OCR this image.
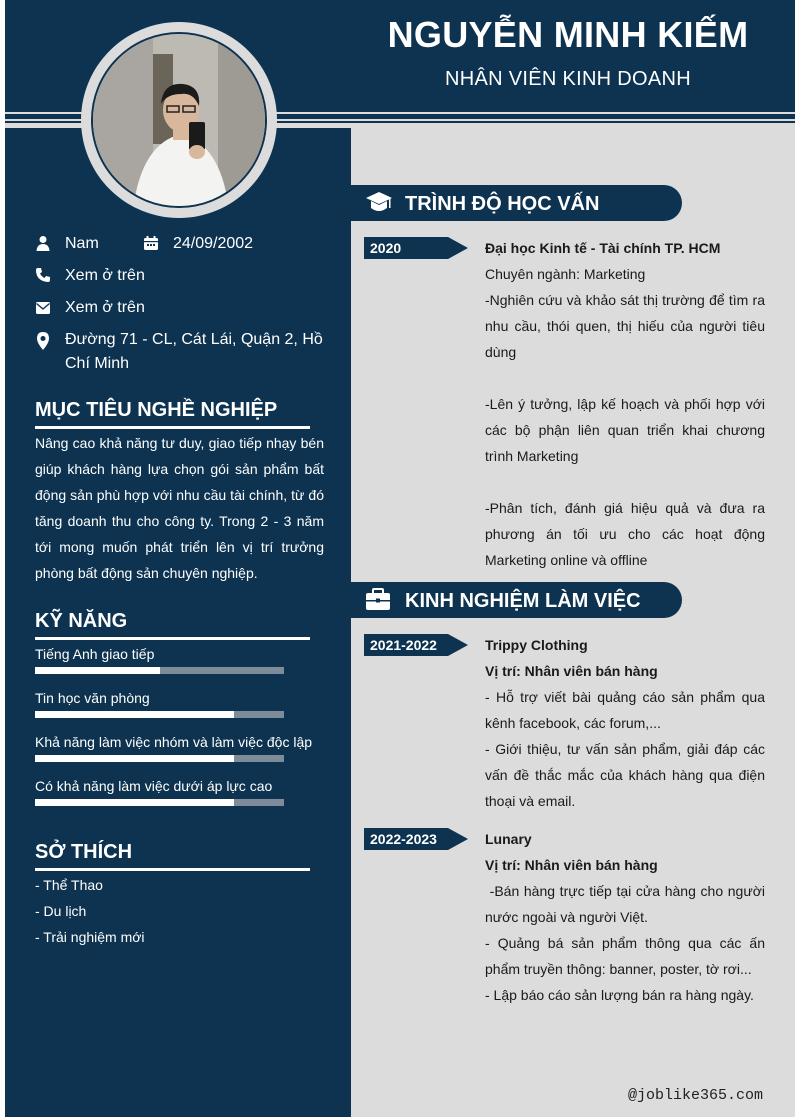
NGUYỄN MINH KIẾM
NHÂN VIÊN KINH DOANH
Nam	24/09/2002
Xem ở trên
Xem ở trên
Đường 71 - CL, Cát Lái, Quận 2, Hồ Chí Minh
MỤC TIÊU NGHỀ NGHIỆP
Nâng cao khả năng tư duy, giao tiếp nhạy bén giúp khách hàng lựa chọn gói sản phẩm bất động sản phù hợp với nhu cầu tài chính, từ đó tăng doanh thu cho công ty. Trong 2 - 3 năm tới mong muốn phát triển lên vị trí trưởng phòng bất động sản chuyên nghiệp.
KỸ NĂNG
Tiếng Anh giao tiếp
Tin học văn phòng
Khả năng làm việc nhóm và làm việc độc lập
Có khả năng làm việc dưới áp lực cao
SỞ THÍCH
- Thể Thao
- Du lịch
- Trải nghiệm mới
TRÌNH ĐỘ HỌC VẤN
2020	Đại học Kinh tế - Tài chính TP. HCM
Chuyên ngành: Marketing
-Nghiên cứu và khảo sát thị trường để tìm ra nhu cầu, thói quen, thị hiếu của người tiêu dùng
-Lên ý tưởng, lập kế hoạch và phối hợp với các bộ phận liên quan triển khai chương trình Marketing
-Phân tích, đánh giá hiệu quả và đưa ra phương án tối ưu cho các hoạt động Marketing online và offline
KINH NGHIỆM LÀM VIỆC
2021-2022	Trippy Clothing
Vị trí: Nhân viên bán hàng
- Hỗ trợ viết bài quảng cáo sản phẩm qua kênh facebook, các forum,...
- Giới thiệu, tư vấn sản phẩm, giải đáp các vấn đề thắc mắc của khách hàng qua điện thoại và email.
2022-2023	Lunary
Vị trí: Nhân viên bán hàng
-Bán hàng trực tiếp tại cửa hàng cho người nước ngoài và người Việt.
- Quảng bá sản phẩm thông qua các ấn phẩm truyền thông: banner, poster, tờ rơi...
- Lập báo cáo sản lượng bán ra hàng ngày.
@joblike365.com
